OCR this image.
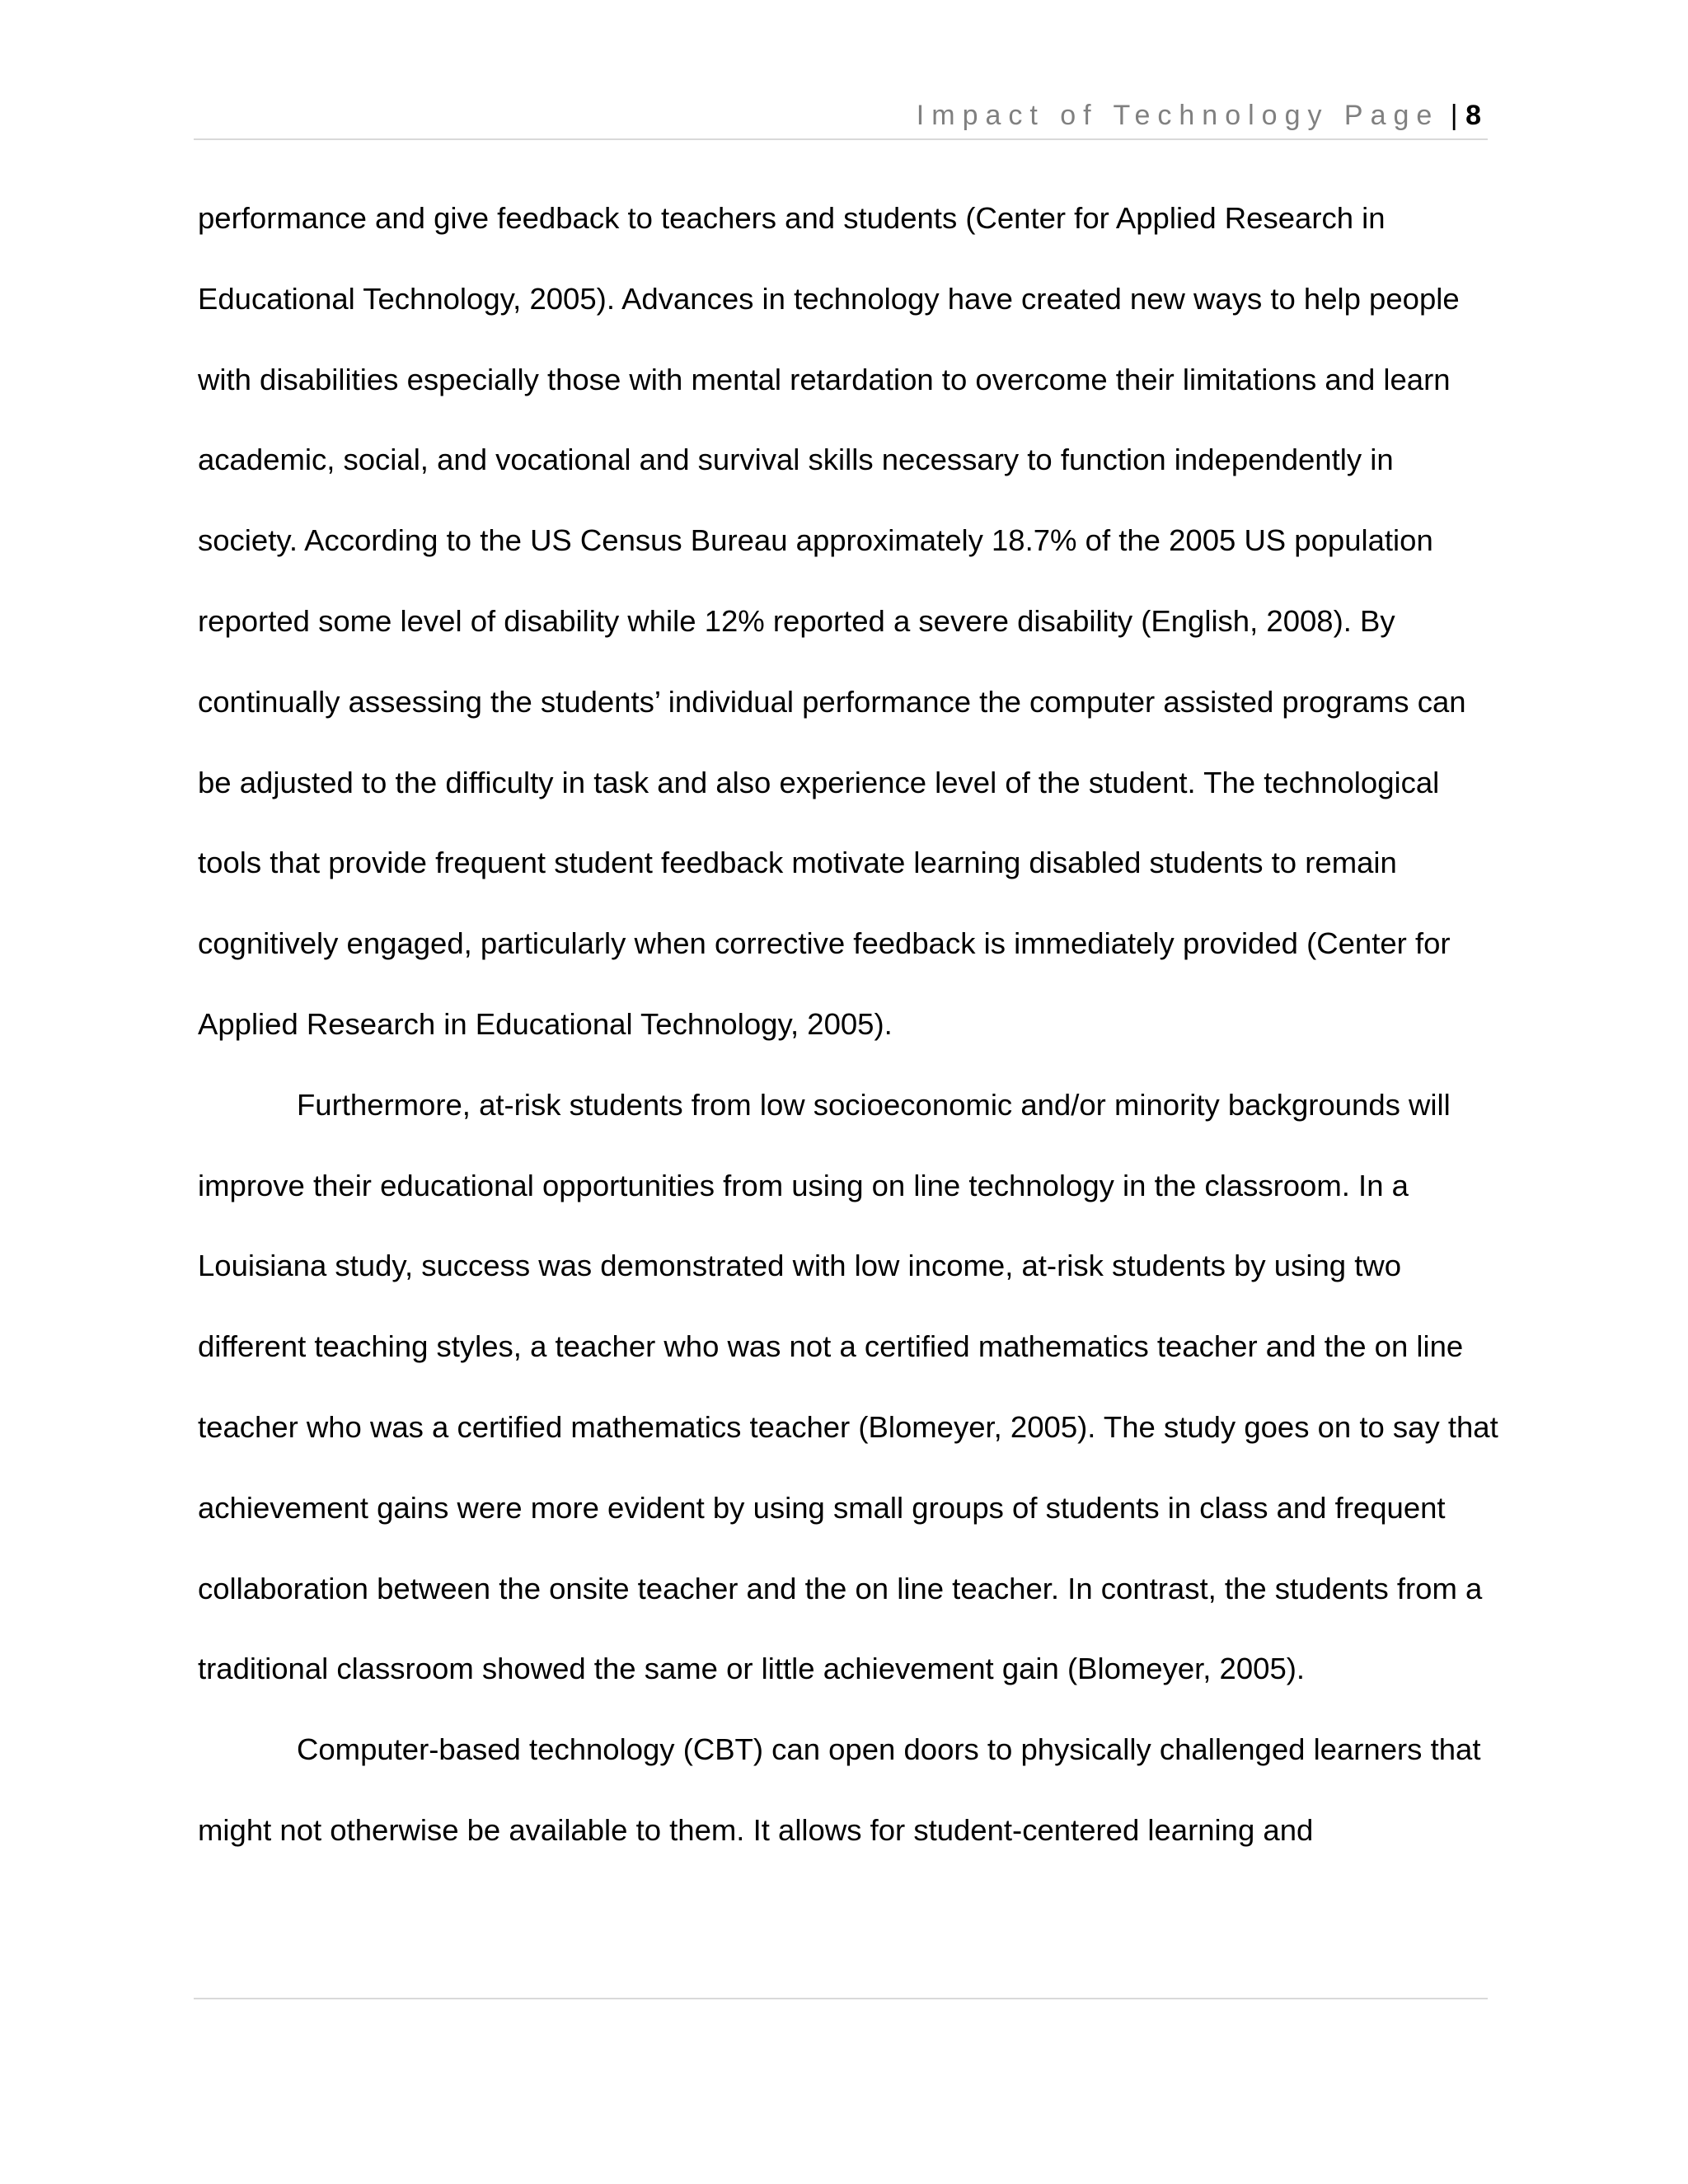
Impact of Technology Page | 8

performance and give feedback to teachers and students (Center for Applied Research in Educational Technology, 2005). Advances in technology have created new ways to help people with disabilities especially those with mental retardation to overcome their limitations and learn academic, social, and vocational and survival skills necessary to function independently in society. According to the US Census Bureau approximately 18.7% of the 2005 US population reported some level of disability while 12% reported a severe disability (English, 2008). By continually assessing the students’ individual performance the computer assisted programs can be adjusted to the difficulty in task and also experience level of the student. The technological tools that provide frequent student feedback motivate learning disabled students to remain cognitively engaged, particularly when corrective feedback is immediately provided (Center for Applied Research in Educational Technology, 2005).

Furthermore, at-risk students from low socioeconomic and/or minority backgrounds will improve their educational opportunities from using on line technology in the classroom. In a Louisiana study, success was demonstrated with low income, at-risk students by using two different teaching styles, a teacher who was not a certified mathematics teacher and the on line teacher who was a certified mathematics teacher (Blomeyer, 2005). The study goes on to say that achievement gains were more evident by using small groups of students in class and frequent collaboration between the onsite teacher and the on line teacher. In contrast, the students from a traditional classroom showed the same or little achievement gain (Blomeyer, 2005).

Computer-based technology (CBT) can open doors to physically challenged learners that might not otherwise be available to them. It allows for student-centered learning and
